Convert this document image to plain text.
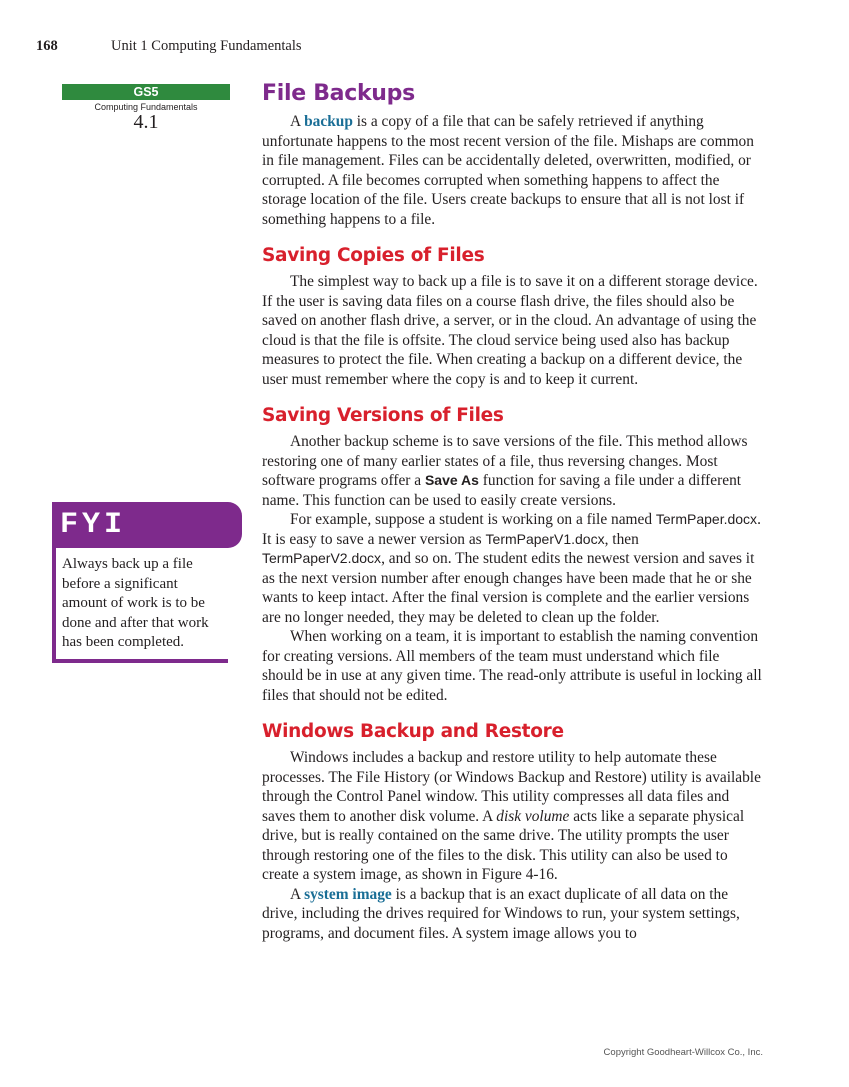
168	Unit 1 Computing Fundamentals
GS5
Computing Fundamentals
4.1
FYI
Always back up a file before a significant amount of work is to be done and after that work has been completed.
File Backups

A backup is a copy of a file that can be safely retrieved if anything unfortunate happens to the most recent version of the file. Mishaps are common in file management. Files can be accidentally deleted, overwritten, modified, or corrupted. A file becomes corrupted when something happens to affect the storage location of the file. Users create backups to ensure that all is not lost if something happens to a file.

Saving Copies of Files

The simplest way to back up a file is to save it on a different storage device. If the user is saving data files on a course flash drive, the files should also be saved on another flash drive, a server, or in the cloud. An advantage of using the cloud is that the file is offsite. The cloud service being used also has backup measures to protect the file. When creating a backup on a different device, the user must remember where the copy is and to keep it current.

Saving Versions of Files

Another backup scheme is to save versions of the file. This method allows restoring one of many earlier states of a file, thus reversing changes. Most software programs offer a Save As function for saving a file under a different name. This function can be used to easily create versions.

For example, suppose a student is working on a file named TermPaper.docx. It is easy to save a newer version as TermPaperV1.docx, then TermPaperV2.docx, and so on. The student edits the newest version and saves it as the next version number after enough changes have been made that he or she wants to keep intact. After the final version is complete and the earlier versions are no longer needed, they may be deleted to clean up the folder.

When working on a team, it is important to establish the naming convention for creating versions. All members of the team must understand which file should be in use at any given time. The read-only attribute is useful in locking all files that should not be edited.

Windows Backup and Restore

Windows includes a backup and restore utility to help automate these processes. The File History (or Windows Backup and Restore) utility is available through the Control Panel window. This utility compresses all data files and saves them to another disk volume. A disk volume acts like a separate physical drive, but is really contained on the same drive. The utility prompts the user through restoring one of the files to the disk. This utility can also be used to create a system image, as shown in Figure 4-16.

A system image is a backup that is an exact duplicate of all data on the drive, including the drives required for Windows to run, your system settings, programs, and document files. A system image allows you to

Copyright Goodheart-Willcox Co., Inc.
